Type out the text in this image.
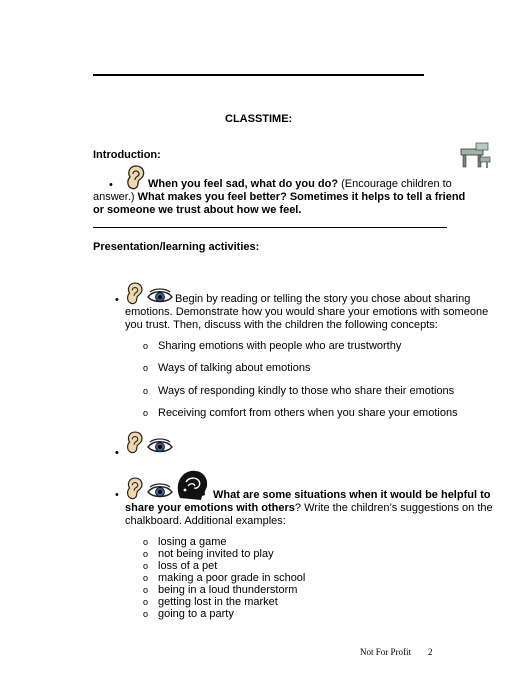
CLASSTIME:
Introduction:
•	When you feel sad, what do you do? (Encourage children to answer.) What makes you feel better? Sometimes it helps to tell a friend or someone we trust about how we feel.
Presentation/learning activities:
•	Begin by reading or telling the story you chose about sharing emotions. Demonstrate how you would share your emotions with someone you trust. Then, discuss with the children the following concepts:
o Sharing emotions with people who are trustworthy
o Ways of talking about emotions
o Ways of responding kindly to those who share their emotions
o Receiving comfort from others when you share your emotions
•
•	What are some situations when it would be helpful to share your emotions with others? Write the children’s suggestions on the chalkboard. Additional examples:
o losing a game
o not being invited to play
o loss of a pet
o making a poor grade in school
o being in a loud thunderstorm
o getting lost in the market
o going to a party
Not For Profit 2
